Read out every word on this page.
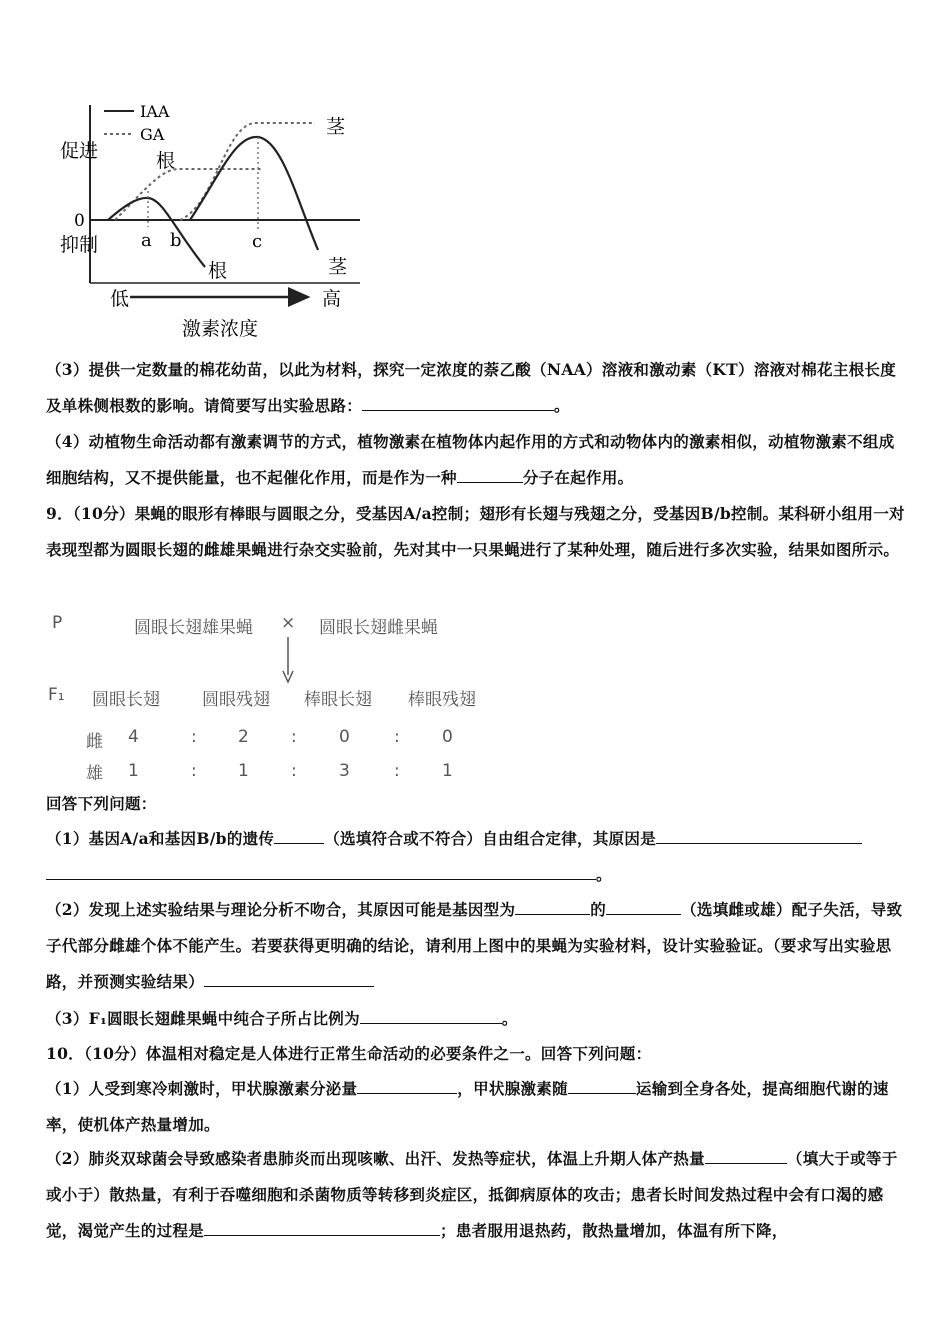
IAA
GA
根
茎
根	茎
促进
0
抑制 a b	c
低	高
激素浓度
（3）提供一定数量的棉花幼苗，以此为材料，探究一定浓度的萘乙酸（NAA）溶液和激动素（KT）溶液对棉花主根长度及单株侧根数的影响。请简要写出实验思路：	。
（4）动植物生命活动都有激素调节的方式，植物激素在植物体内起作用的方式和动物体内的激素相似，动植物激素不组成细胞结构，又不提供能量，也不起催化作用，而是作为一种	分子在起作用。
9．（10分）果蝇的眼形有棒眼与圆眼之分，受基因A/a控制；翅形有长翅与残翅之分，受基因B/b控制。某科研小组用一对表现型都为圆眼长翅的雌雄果蝇进行杂交实验前，先对其中一只果蝇进行了某种处理，随后进行多次实验，结果如图所示。
P	圆眼长翅雄果蝇 × 圆眼长翅雌果蝇
F₁ 圆眼长翅 圆眼残翅 棒眼长翅 棒眼残翅
雌 4	: 2 : 0	: 0
雄 1	: 1 : 3	: 1
回答下列问题：
（1）基因A/a和基因B/b的遗传	（选填符合或不符合）自由组合定律，其原因是
。
（2）发现上述实验结果与理论分析不吻合，其原因可能是基因型为	的	（选填雌或雄）配子失活，导致子代部分雌雄个体不能产生。若要获得更明确的结论，请利用上图中的果蝇为实验材料，设计实验验证。（要求写出实验思路，并预测实验结果）
（3）F₁圆眼长翅雌果蝇中纯合子所占比例为	。
10．（10分）体温相对稳定是人体进行正常生命活动的必要条件之一。回答下列问题：
（1）人受到寒冷刺激时，甲状腺激素分泌量	，甲状腺激素随	运输到全身各处，提高细胞代谢的速率，使机体产热量增加。
（2）肺炎双球菌会导致感染者患肺炎而出现咳嗽、出汗、发热等症状，体温上升期人体产热量	（填大于或等于或小于）散热量，有利于吞噬细胞和杀菌物质等转移到炎症区，抵御病原体的攻击；患者长时间发热过程中会有口渴的感觉，渴觉产生的过程是	；患者服用退热药，散热量增加，体温有所下降，
